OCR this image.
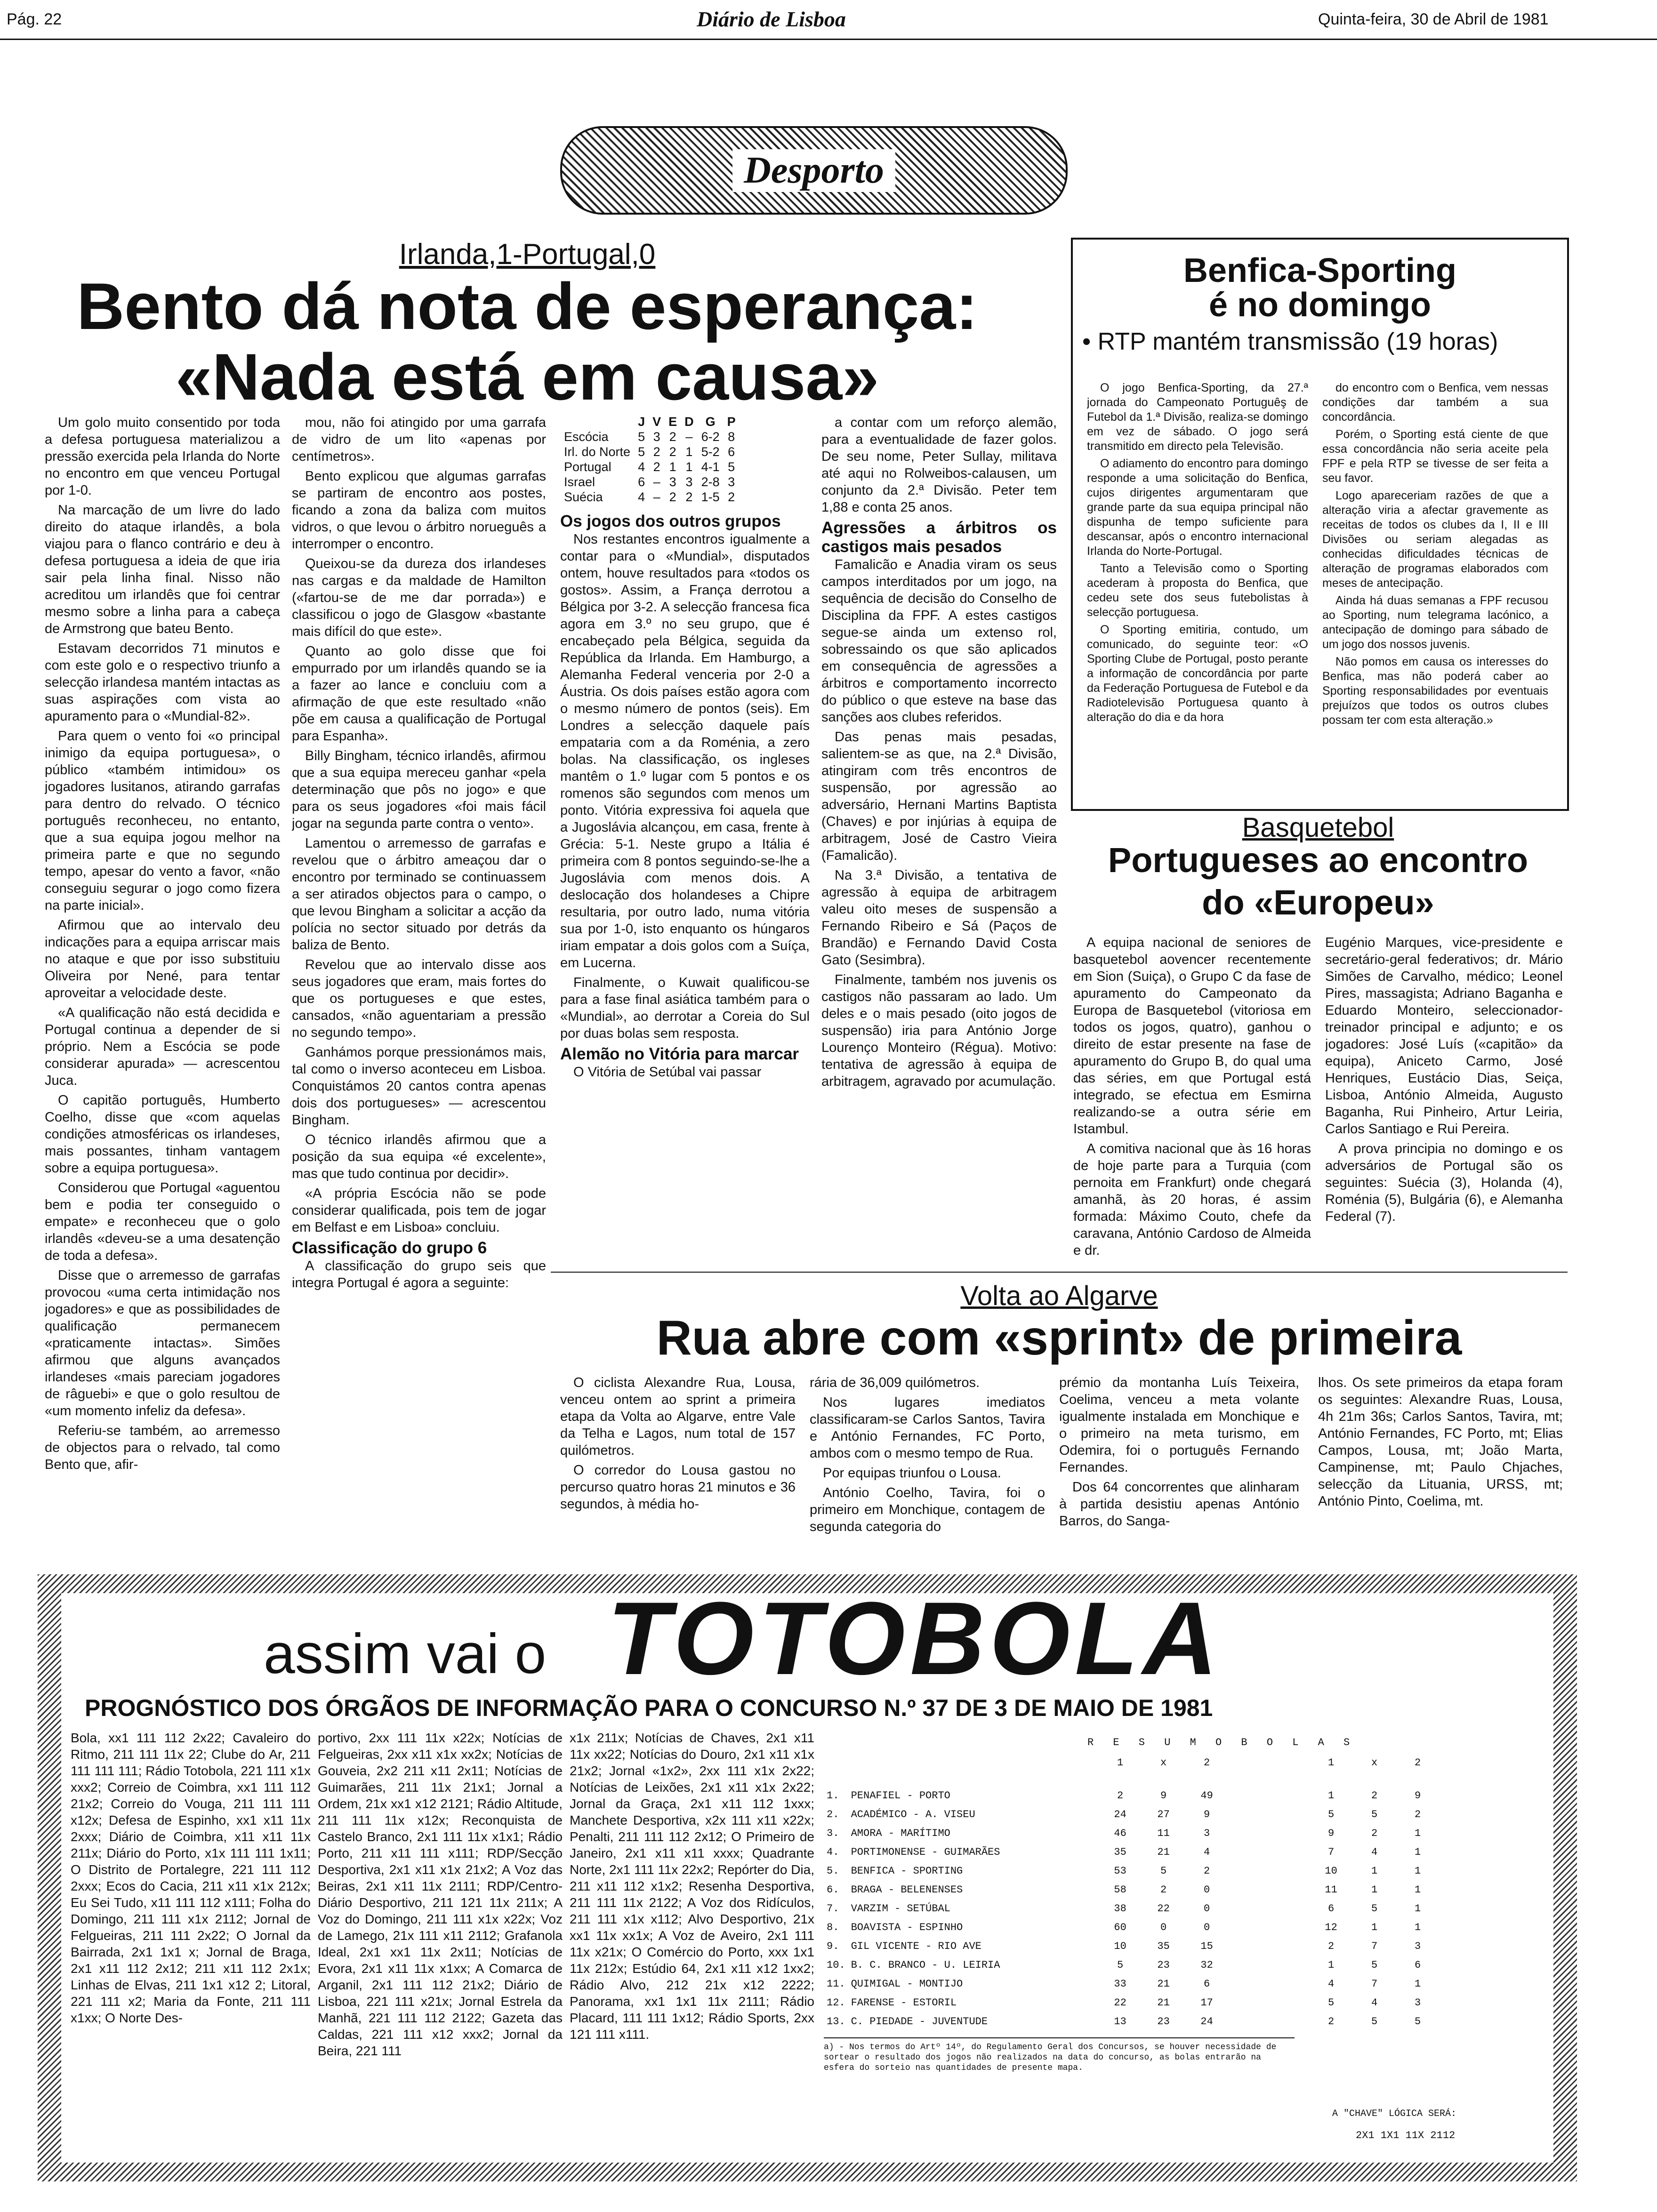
Pág. 22	Diário de Lisboa	Quinta-feira, 30 de Abril de 1981
Desporto
Irlanda,1-Portugal,0
Bento dá nota de esperança:
«Nada está em causa»

Um golo muito consentido por toda a defesa portuguesa materializou a pressão exercida pela Irlanda do Norte no encontro em que venceu Portugal por 1-0.

Na marcação de um livre do lado direito do ataque irlandês, a bola viajou para o flanco contrário e deu à defesa portuguesa a ideia de que iria sair pela linha final. Nisso não acreditou um irlandês que foi centrar mesmo sobre a linha para a cabeça de Armstrong que bateu Bento.

Estavam decorridos 71 minutos e com este golo e o respectivo triunfo a selecção irlandesa mantém intactas as suas aspirações com vista ao apuramento para o «Mundial-82».

Para quem o vento foi «o principal inimigo da equipa portuguesa», o público «também intimidou» os jogadores lusitanos, atirando garrafas para dentro do relvado. O técnico português reconheceu, no entanto, que a sua equipa jogou melhor na primeira parte e que no segundo tempo, apesar do vento a favor, «não conseguiu segurar o jogo como fizera na parte inicial».

Afirmou que ao intervalo deu indicações para a equipa arriscar mais no ataque e que por isso substituiu Oliveira por Nené, para tentar aproveitar a velocidade deste.

«A qualificação não está decidida e Portugal continua a depender de si próprio. Nem a Escócia se pode considerar apurada» — acrescentou Juca.

O capitão português, Humberto Coelho, disse que «com aquelas condições atmosféricas os irlandeses, mais possantes, tinham vantagem sobre a equipa portuguesa».

Considerou que Portugal «aguentou bem e podia ter conseguido o empate» e reconheceu que o golo irlandês «deveu-se a uma desatenção de toda a defesa».

Disse que o arremesso de garrafas provocou «uma certa intimidação nos jogadores» e que as possibilidades de qualificação permanecem «praticamente intactas». Simões afirmou que alguns avançados irlandeses «mais pareciam jogadores de râguebi» e que o golo resultou de «um momento infeliz da defesa».

Referiu-se também, ao arremesso de objectos para o relvado, tal como Bento que, afir-

mou, não foi atingido por uma garrafa de vidro de um lito «apenas por centímetros».

Bento explicou que algumas garrafas se partiram de encontro aos postes, ficando a zona da baliza com muitos vidros, o que levou o árbitro norueguês a interromper o encontro.

Queixou-se da dureza dos irlandeses nas cargas e da maldade de Hamilton («fartou-se de me dar porrada») e classificou o jogo de Glasgow «bastante mais difícil do que este».

Quanto ao golo disse que foi empurrado por um irlandês quando se ia a fazer ao lance e concluiu com a afirmação de que este resultado «não põe em causa a qualificação de Portugal para Espanha».

Billy Bingham, técnico irlandês, afirmou que a sua equipa mereceu ganhar «pela determinação que pôs no jogo» e que para os seus jogadores «foi mais fácil jogar na segunda parte contra o vento».

Lamentou o arremesso de garrafas e revelou que o árbitro ameaçou dar o encontro por terminado se continuassem a ser atirados objectos para o campo, o que levou Bingham a solicitar a acção da polícia no sector situado por detrás da baliza de Bento.

Revelou que ao intervalo disse aos seus jogadores que eram, mais fortes do que os portugueses e que estes, cansados, «não aguentariam a pressão no segundo tempo».

Ganhámos porque pressionámos mais, tal como o inverso aconteceu em Lisboa. Conquistámos 20 cantos contra apenas dois dos portugueses» — acrescentou Bingham.

O técnico irlandês afirmou que a posição da sua equipa «é excelente», mas que tudo continua por decidir».

«A própria Escócia não se pode considerar qualificada, pois tem de jogar em Belfast e em Lisboa» concluiu.

Classificação do grupo 6

A classificação do grupo seis que integra Portugal é agora a seguinte:

	J	V	E	D	G	P
Escócia	5	3	2	–	6-2	8
Irl. do Norte	5	2	2	1	5-2	6
Portugal	4	2	1	1	4-1	5
Israel	6	–	3	3	2-8	3
Suécia	4	–	2	2	1-5	2
Os jogos dos outros grupos

Nos restantes encontros igualmente a contar para o «Mundial», disputados ontem, houve resultados para «todos os gostos». Assim, a França derrotou a Bélgica por 3-2. A selecção francesa fica agora em 3.º no seu grupo, que é encabeçado pela Bélgica, seguida da República da Irlanda. Em Hamburgo, a Alemanha Federal venceria por 2-0 a Áustria. Os dois países estão agora com o mesmo número de pontos (seis). Em Londres a selecção daquele país empataria com a da Roménia, a zero bolas. Na classificação, os ingleses mantêm o 1.º lugar com 5 pontos e os romenos são segundos com menos um ponto. Vitória expressiva foi aquela que a Jugoslávia alcançou, em casa, frente à Grécia: 5-1. Neste grupo a Itália é primeira com 8 pontos seguindo-se-lhe a Jugoslávia com menos dois. A deslocação dos holandeses a Chipre resultaria, por outro lado, numa vitória sua por 1-0, isto enquanto os húngaros iriam empatar a dois golos com a Suíça, em Lucerna.

Finalmente, o Kuwait qualificou-se para a fase final asiática também para o «Mundial», ao derrotar a Coreia do Sul por duas bolas sem resposta.

Alemão no Vitória para marcar

O Vitória de Setúbal vai passar

a contar com um reforço alemão, para a eventualidade de fazer golos. De seu nome, Peter Sullay, militava até aqui no Rolweibos-calausen, um conjunto da 2.ª Divisão. Peter tem 1,88 e conta 25 anos.

Agressões a árbitros os castigos mais pesados

Famalicão e Anadia viram os seus campos interditados por um jogo, na sequência de decisão do Conselho de Disciplina da FPF. A estes castigos segue-se ainda um extenso rol, sobressaindo os que são aplicados em consequência de agressões a árbitros e comportamento incorrecto do público o que esteve na base das sanções aos clubes referidos.

Das penas mais pesadas, salientem-se as que, na 2.ª Divisão, atingiram com três encontros de suspensão, por agressão ao adversário, Hernani Martins Baptista (Chaves) e por injúrias à equipa de arbitragem, José de Castro Vieira (Famalicão).

Na 3.ª Divisão, a tentativa de agressão à equipa de arbitragem valeu oito meses de suspensão a Fernando Ribeiro e Sá (Paços de Brandão) e Fernando David Costa Gato (Sesimbra).

Finalmente, também nos juvenis os castigos não passaram ao lado. Um deles e o mais pesado (oito jogos de suspensão) iria para António Jorge Lourenço Monteiro (Régua). Motivo: tentativa de agressão à equipa de arbitragem, agravado por acumulação.

Benfica-Sporting
é no domingo
• RTP mantém transmissão (19 horas)

O jogo Benfica-Sporting, da 27.ª jornada do Campeonato Portuguêş de Futebol da 1.ª Divisão, realiza-se domingo em vez de sábado. O jogo será transmitido em directo pela Televisão.

O adiamento do encontro para domingo responde a uma solicitação do Benfica, cujos dirigentes argumentaram que grande parte da sua equipa principal não dispunha de tempo suficiente para descansar, após o encontro internacional Irlanda do Norte-Portugal.

Tanto a Televisão como o Sporting acederam à proposta do Benfica, que cedeu sete dos seus futebolistas à selecção portuguesa.

O Sporting emitiria, contudo, um comunicado, do seguinte teor: «O Sporting Clube de Portugal, posto perante a informação de concordância por parte da Federação Portuguesa de Futebol e da Radiotelevisão Portuguesa quanto à alteração do dia e da hora

do encontro com o Benfica, vem nessas condições dar também a sua concordância.

Porém, o Sporting está ciente de que essa concordância não seria aceite pela FPF e pela RTP se tivesse de ser feita a seu favor.

Logo apareceriam razões de que a alteração viria a afectar gravemente as receitas de todos os clubes da I, II e III Divisões ou seriam alegadas as conhecidas dificuldades técnicas de alteração de programas elaborados com meses de antecipação.

Ainda há duas semanas a FPF recusou ao Sporting, num telegrama lacónico, a antecipação de domingo para sábado de um jogo dos nossos juvenis.

Não pomos em causa os interesses do Benfica, mas não poderá caber ao Sporting responsabilidades por eventuais prejuízos que todos os outros clubes possam ter com esta alteração.»

Basquetebol
Portugueses ao encontro
do «Europeu»

A equipa nacional de seniores de basquetebol aovencer recentemente em Sion (Suiça), o Grupo C da fase de apuramento do Campeonato da Europa de Basquetebol (vitoriosa em todos os jogos, quatro), ganhou o direito de estar presente na fase de apuramento do Grupo B, do qual uma das séries, em que Portugal está integrado, se efectua em Esmirna realizando-se a outra série em Istambul.

A comitiva nacional que às 16 horas de hoje parte para a Turquia (com pernoita em Frankfurt) onde chegará amanhã, às 20 horas, é assim formada: Máximo Couto, chefe da caravana, António Cardoso de Almeida e dr.

Eugénio Marques, vice-presidente e secretário-geral federativos; dr. Mário Simões de Carvalho, médico; Leonel Pires, massagista; Adriano Baganha e Eduardo Monteiro, seleccionador-treinador principal e adjunto; e os jogadores: José Luís («capitão» da equipa), Aniceto Carmo, José Henriques, Eustácio Dias, Seiça, Lisboa, António Almeida, Augusto Baganha, Rui Pinheiro, Artur Leiria, Carlos Santiago e Rui Pereira.

A prova principia no domingo e os adversários de Portugal são os seguintes: Suécia (3), Holanda (4), Roménia (5), Bulgária (6), e Alemanha Federal (7).

Volta ao Algarve
Rua abre com «sprint» de primeira

O ciclista Alexandre Rua, Lousa, venceu ontem ao sprint a primeira etapa da Volta ao Algarve, entre Vale da Telha e Lagos, num total de 157 quilómetros.

O corredor do Lousa gastou no percurso quatro horas 21 minutos e 36 segundos, à média ho-

rária de 36,009 quilómetros.

Nos lugares imediatos classificaram-se Carlos Santos, Tavira e António Fernandes, FC Porto, ambos com o mesmo tempo de Rua.

Por equipas triunfou o Lousa.

António Coelho, Tavira, foi o primeiro em Monchique, contagem de segunda categoria do

prémio da montanha Luís Teixeira, Coelima, venceu a meta volante igualmente instalada em Monchique e o primeiro na meta turismo, em Odemira, foi o português Fernando Fernandes.

Dos 64 concorrentes que alinharam à partida desistiu apenas António Barros, do Sanga-

lhos. Os sete primeiros da etapa foram os seguintes: Alexandre Ruas, Lousa, 4h 21m 36s; Carlos Santos, Tavira, mt; António Fernandes, FC Porto, mt; Elias Campos, Lousa, mt; João Marta, Campinense, mt; Paulo Chjaches, selecção da Lituania, URSS, mt; António Pinto, Coelima, mt.

assim vai o TOTOBOLA
PROGNÓSTICO DOS ÓRGÃOS DE INFORMAÇÃO PARA O CONCURSO N.º 37 DE 3 DE MAIO DE 1981
Bola, xx1 111 112 2x22; Cavaleiro do Ritmo, 211 111 11x 22; Clube do Ar, 211 111 111 111; Rádio Totobola, 221 111 x1x xxx2; Correio de Coimbra, xx1 111 112 21x2; Correio do Vouga, 211 111 111 x12x; Defesa de Espinho, xx1 x11 11x 2xxx; Diário de Coimbra, x11 x11 11x 211x; Diário do Porto, x1x 111 111 1x11; O Distrito de Portalegre, 221 111 112 2xxx; Ecos do Cacia, 211 x11 x1x 212x; Eu Sei Tudo, x11 111 112 x111; Folha do Domingo, 211 111 x1x 2112; Jornal de Felgueiras, 211 111 2x22; O Jornal da Bairrada, 2x1 1x1 x; Jornal de Braga, 2x1 x11 112 2x12; 211 x11 112 2x1x; Linhas de Elvas, 211 1x1 x12 2; Litoral, 221 111 x2; Maria da Fonte, 211 111 x1xx; O Norte Des-
portivo, 2xx 111 11x x22x; Notícias de Felgueiras, 2xx x11 x1x xx2x; Notícias de Gouveia, 2x2 211 x11 2x11; Notícias de Guimarães, 211 11x 21x1; Jornal a Ordem, 21x xx1 x12 2121; Rádio Altitude, 211 111 11x x12x; Reconquista de Castelo Branco, 2x1 111 11x x1x1; Rádio Porto, 211 x11 111 x111; RDP/Secção Desportiva, 2x1 x11 x1x 21x2; A Voz das Beiras, 2x1 x11 11x 2111; RDP/Centro-Diário Desportivo, 211 121 11x 211x; A Voz do Domingo, 211 111 x1x x22x; Voz de Lamego, 21x 111 x11 2112; Grafanola Ideal, 2x1 xx1 11x 2x11; Notícias de Evora, 2x1 x11 11x x1xx; A Comarca de Arganil, 2x1 111 112 21x2; Diário de Lisboa, 221 111 x21x; Jornal Estrela da Manhã, 221 111 112 2122; Gazeta das Caldas, 221 111 x12 xxx2; Jornal da Beira, 221 111
x1x 211x; Notícias de Chaves, 2x1 x11 11x xx22; Notícias do Douro, 2x1 x11 x1x 21x2; Jornal «1x2», 2xx 111 x1x 2x22; Notícias de Leixões, 2x1 x11 x1x 2x22; Jornal da Graça, 2x1 x11 112 1xxx; Manchete Desportiva, x2x 111 x11 x22x; Penalti, 211 111 112 2x12; O Primeiro de Janeiro, 2x1 x11 x11 xxxx; Quadrante Norte, 2x1 111 11x 22x2; Repórter do Dia, 211 x11 112 x1x2; Resenha Desportiva, 211 111 11x 2122; A Voz dos Ridículos, 211 111 x1x x112; Alvo Desportivo, 21x xx1 11x xx1x; A Voz de Aveiro, 2x1 111 11x x21x; O Comércio do Porto, xxx 1x1 11x 212x; Estúdio 64, 2x1 x11 x12 1xx2; Rádio Alvo, 212 21x x12 2222; Panorama, xx1 1x1 11x 2111; Rádio Placard, 111 111 1x12; Rádio Sports, 2xx 121 111 x111.
R E S U M O B O L A S
		1	x	2		1	x	2

1.	PENAFIEL - PORTO	2	9	49		1	2	9
2.	ACADÉMICO - A. VISEU	24	27	9		5	5	2
3.	AMORA - MARÍTIMO	46	11	3		9	2	1
4.	PORTIMONENSE - GUIMARÃES	35	21	4		7	4	1
5.	BENFICA - SPORTING	53	5	2		10	1	1
6.	BRAGA - BELENENSES	58	2	0		11	1	1
7.	VARZIM - SETÚBAL	38	22	0		6	5	1
8.	BOAVISTA - ESPINHO	60	0	0		12	1	1
9.	GIL VICENTE - RIO AVE	10	35	15		2	7	3
10.	B. C. BRANCO - U. LEIRIA	5	23	32		1	5	6
11.	QUIMIGAL - MONTIJO	33	21	6		4	7	1
12.	FARENSE - ESTORIL	22	21	17		5	4	3
13.	C. PIEDADE - JUVENTUDE	13	23	24		2	5	5
a) - Nos termos do Artº 14º, do Regulamento Geral dos Concursos, se houver necessidade de sortear o resultado dos jogos não realizados na data do concurso, as bolas entrarão na esfera do sorteio nas quantidades de presente mapa.
A "CHAVE" LÓGICA SERÁ:
2X1 1X1 11X 2112
